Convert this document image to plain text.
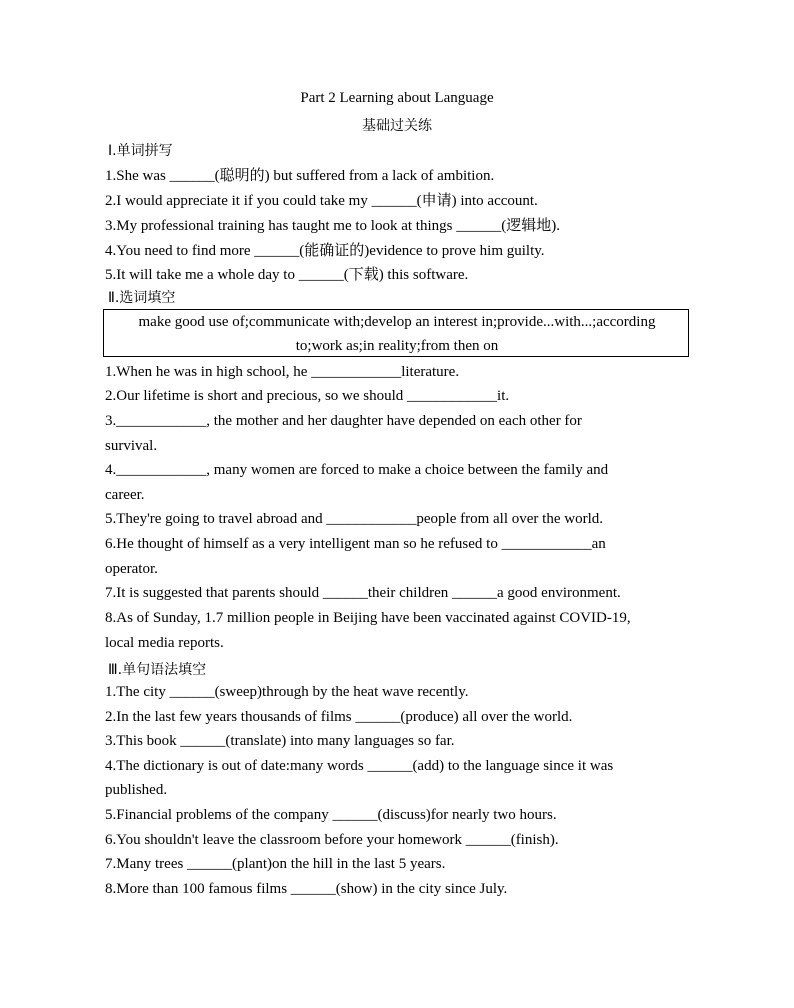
Part 2 Learning about Language
基础过关练
Ⅰ.单词拼写
1.She was ______(聪明的) but suffered from a lack of ambition.
2.I would appreciate it if you could take my ______(申请) into account.
3.My professional training has taught me to look at things ______(逻辑地).
4.You need to find more ______(能确证的)evidence to prove him guilty.
5.It will take me a whole day to ______(下载) this software.
Ⅱ.选词填空
make good use of;communicate with;develop an interest in;provide...with...;according
to;work as;in reality;from then on
1.When he was in high school, he ____________literature.
2.Our lifetime is short and precious, so we should ____________it.
3.____________, the mother and her daughter have depended on each other for
survival.
4.____________, many women are forced to make a choice between the family and
career.
5.They're going to travel abroad and ____________people from all over the world.
6.He thought of himself as a very intelligent man so he refused to ____________an
operator.
7.It is suggested that parents should ______their children ______a good environment.
8.As of Sunday, 1.7 million people in Beijing have been vaccinated against COVID-19,
local media reports.
Ⅲ.单句语法填空
1.The city ______(sweep)through by the heat wave recently.
2.In the last few years thousands of films ______(produce) all over the world.
3.This book ______(translate) into many languages so far.
4.The dictionary is out of date:many words ______(add) to the language since it was
published.
5.Financial problems of the company ______(discuss)for nearly two hours.
6.You shouldn't leave the classroom before your homework ______(finish).
7.Many trees ______(plant)on the hill in the last 5 years.
8.More than 100 famous films ______(show) in the city since July.
